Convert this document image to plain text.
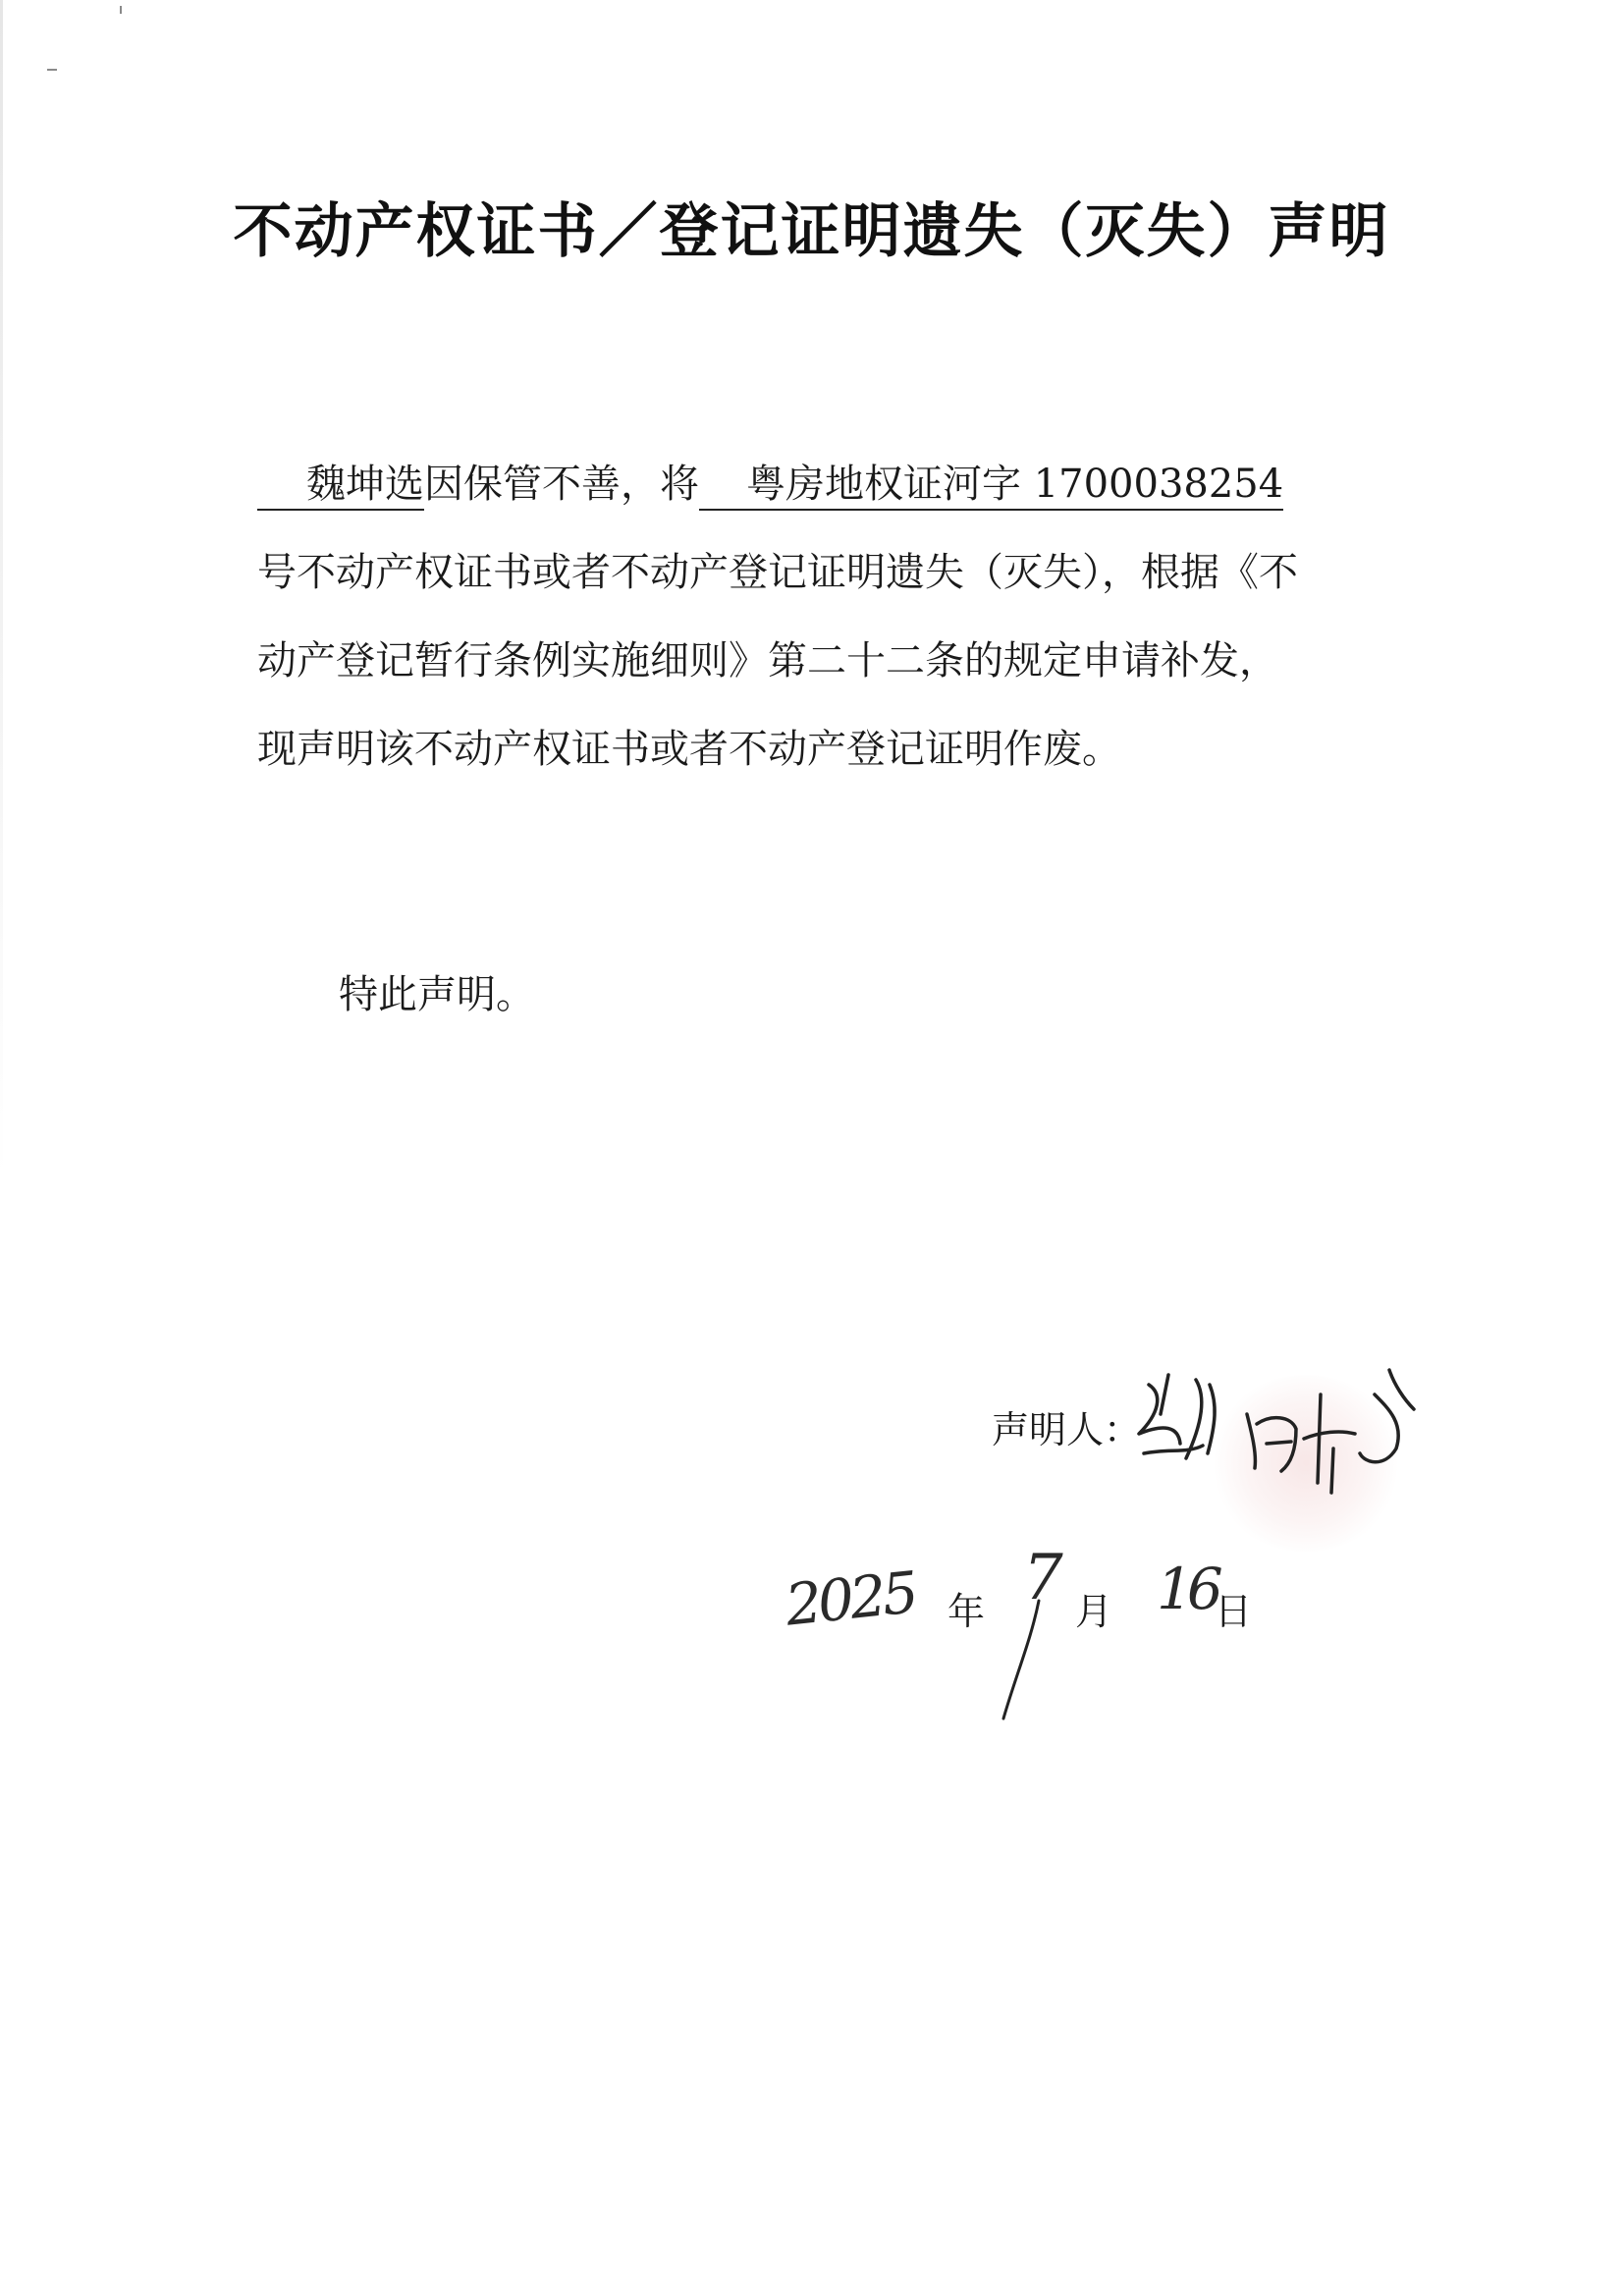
不动产权证书／登记证明遗失（灭失）声明
魏坤选因保管不善，将 粤房地权证河字 1700038254
号不动产权证书或者不动产登记证明遗失（灭失），根据《不
动产登记暂行条例实施细则》第二十二条的规定申请补发，
现声明该不动产权证书或者不动产登记证明作废。
特此声明。
声明人：
2025 年 7 月 16
日
